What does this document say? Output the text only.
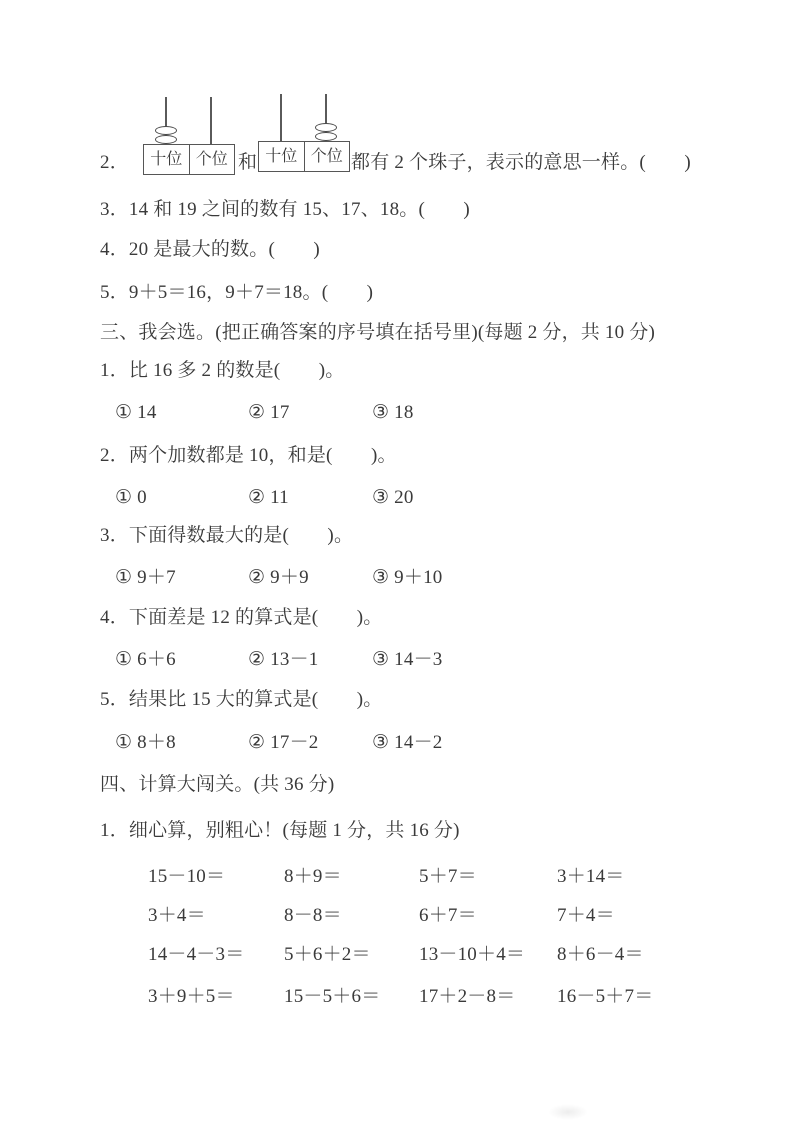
2．	十位 个位 和 十位 个位 都有 2 个珠子，表示的意思一样。(　　)
3．14 和 19 之间的数有 15、17、18。(　　)
4．20 是最大的数。(　　)
5．9＋5＝16，9＋7＝18。(　　)
三、我会选。(把正确答案的序号填在括号里)(每题 2 分，共 10 分)
1．比 16 多 2 的数是(　　)。
① 14	② 17	③ 18
2．两个加数都是 10，和是(　　)。
① 0	② 11	③ 20
3．下面得数最大的是(　　)。
① 9＋7	② 9＋9	③ 9＋10
4．下面差是 12 的算式是(　　)。
① 6＋6	② 13－1	③ 14－3
5．结果比 15 大的算式是(　　)。
① 8＋8	② 17－2	③ 14－2
四、计算大闯关。(共 36 分)
1．细心算，别粗心！(每题 1 分，共 16 分)
15－10＝	8＋9＝	5＋7＝	3＋14＝
3＋4＝	8－8＝	6＋7＝	7＋4＝
14－4－3＝ 5＋6＋2＝	13－10＋4＝ 8＋6－4＝
3＋9＋5＝	15－5＋6＝ 17＋2－8＝ 16－5＋7＝
